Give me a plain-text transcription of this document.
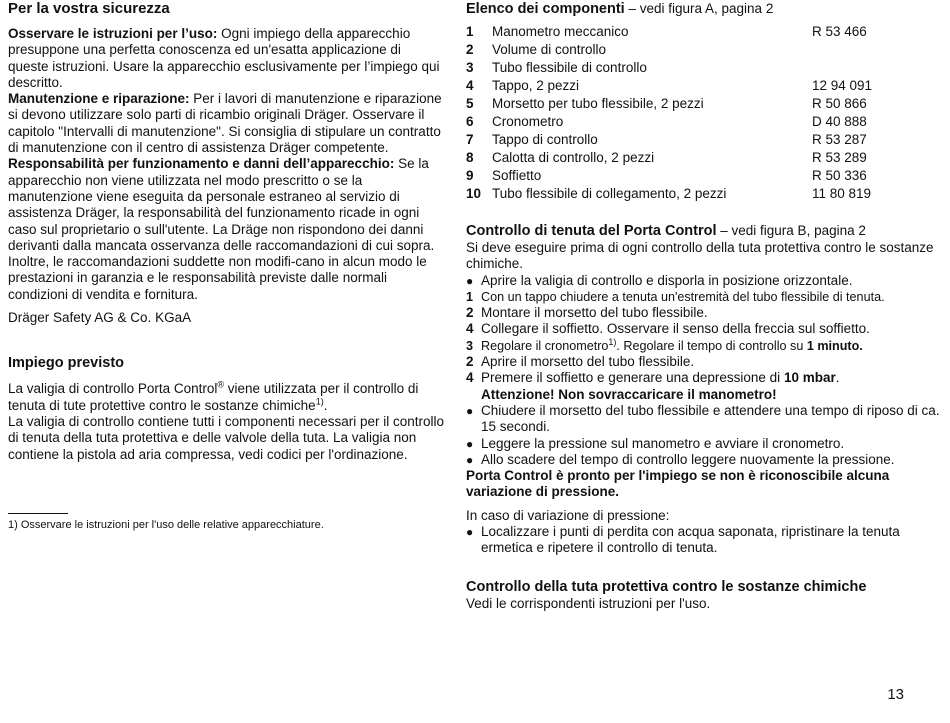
Per la vostra sicurezza

Osservare le istruzioni per l’uso: Ogni impiego della apparecchio presuppone una perfetta conoscenza ed un'esatta applicazione di queste istruzioni. Usare la apparecchio esclusivamente per l’impiego qui descritto.

Manutenzione e riparazione: Per i lavori di manutenzione e riparazione si devono utilizzare solo parti di ricambio originali Dräger. Osservare il capitolo "Intervalli di manutenzione". Si consiglia di stipulare un contratto di manutenzione con il centro di assistenza Dräger competente.

Responsabilità per funzionamento e danni dell’apparecchio: Se la apparecchio non viene utilizzata nel modo prescritto o se la manutenzione viene eseguita da personale estraneo al servizio di assistenza Dräger, la responsabilità del funzionamento ricade in ogni caso sul proprietario o sull'utente. La Dräge non rispondono dei danni derivanti dalla mancata osservanza delle raccomandazioni di cui sopra. Inoltre, le raccomandazioni suddette non modifi-cano in alcun modo le prestazioni in garanzia e le responsabilità previste dalle normali condizioni di vendita e fornitura.

Dräger Safety AG & Co. KGaA

Impiego previsto

La valigia di controllo Porta Control® viene utilizzata per il controllo di tenuta di tute protettive contro le sostanze chimiche$^{1)}$.

La valigia di controllo contiene tutti i componenti necessari per il controllo di tenuta della tuta protettiva e delle valvole della tuta. La valigia non contiene la pistola ad aria compressa, vedi codici per l'ordinazione.

1) Osservare le istruzioni per l'uso delle relative apparecchiature.

Elenco dei componenti – vedi figura A, pagina 2
1	Manometro meccanico	R 53 466
2	Volume di controllo	
3	Tubo flessibile di controllo	
4	Tappo, 2 pezzi	12 94 091
5	Morsetto per tubo flessibile, 2 pezzi	R 50 866
6	Cronometro	D 40 888
7	Tappo di controllo	R 53 287
8	Calotta di controllo, 2 pezzi	R 53 289
9	Soffietto	R 50 336
10	Tubo flessibile di collegamento, 2 pezzi	11 80 819
Controllo di tenuta del Porta Control – vedi figura B, pagina 2

Si deve eseguire prima di ogni controllo della tuta protettiva contro le sostanze chimiche.

● Aprire la valigia di controllo e disporla in posizione orizzontale.
1 Con un tappo chiudere a tenuta un'estremità del tubo flessibile di tenuta.
2 Montare il morsetto del tubo flessibile.
4 Collegare il soffietto. Osservare il senso della freccia sul soffietto.
3 Regolare il cronometro$^{1)}$. Regolare il tempo di controllo su 1 minuto.
2 Aprire il morsetto del tubo flessibile.
4 Premere il soffietto e generare una depressione di 10 mbar.
Attenzione! Non sovraccaricare il manometro!
● Chiudere il morsetto del tubo flessibile e attendere una tempo di riposo di ca. 15 secondi.
● Leggere la pressione sul manometro e avviare il cronometro.
● Allo scadere del tempo di controllo leggere nuovamente la pressione.

Porta Control è pronto per l'impiego se non è riconoscibile alcuna variazione di pressione.

In caso di variazione di pressione:

● Localizzare i punti di perdita con acqua saponata, ripristinare la tenuta ermetica e ripetere il controllo di tenuta.
Controllo della tuta protettiva contro le sostanze chimiche

Vedi le corrispondenti istruzioni per l'uso.

13
